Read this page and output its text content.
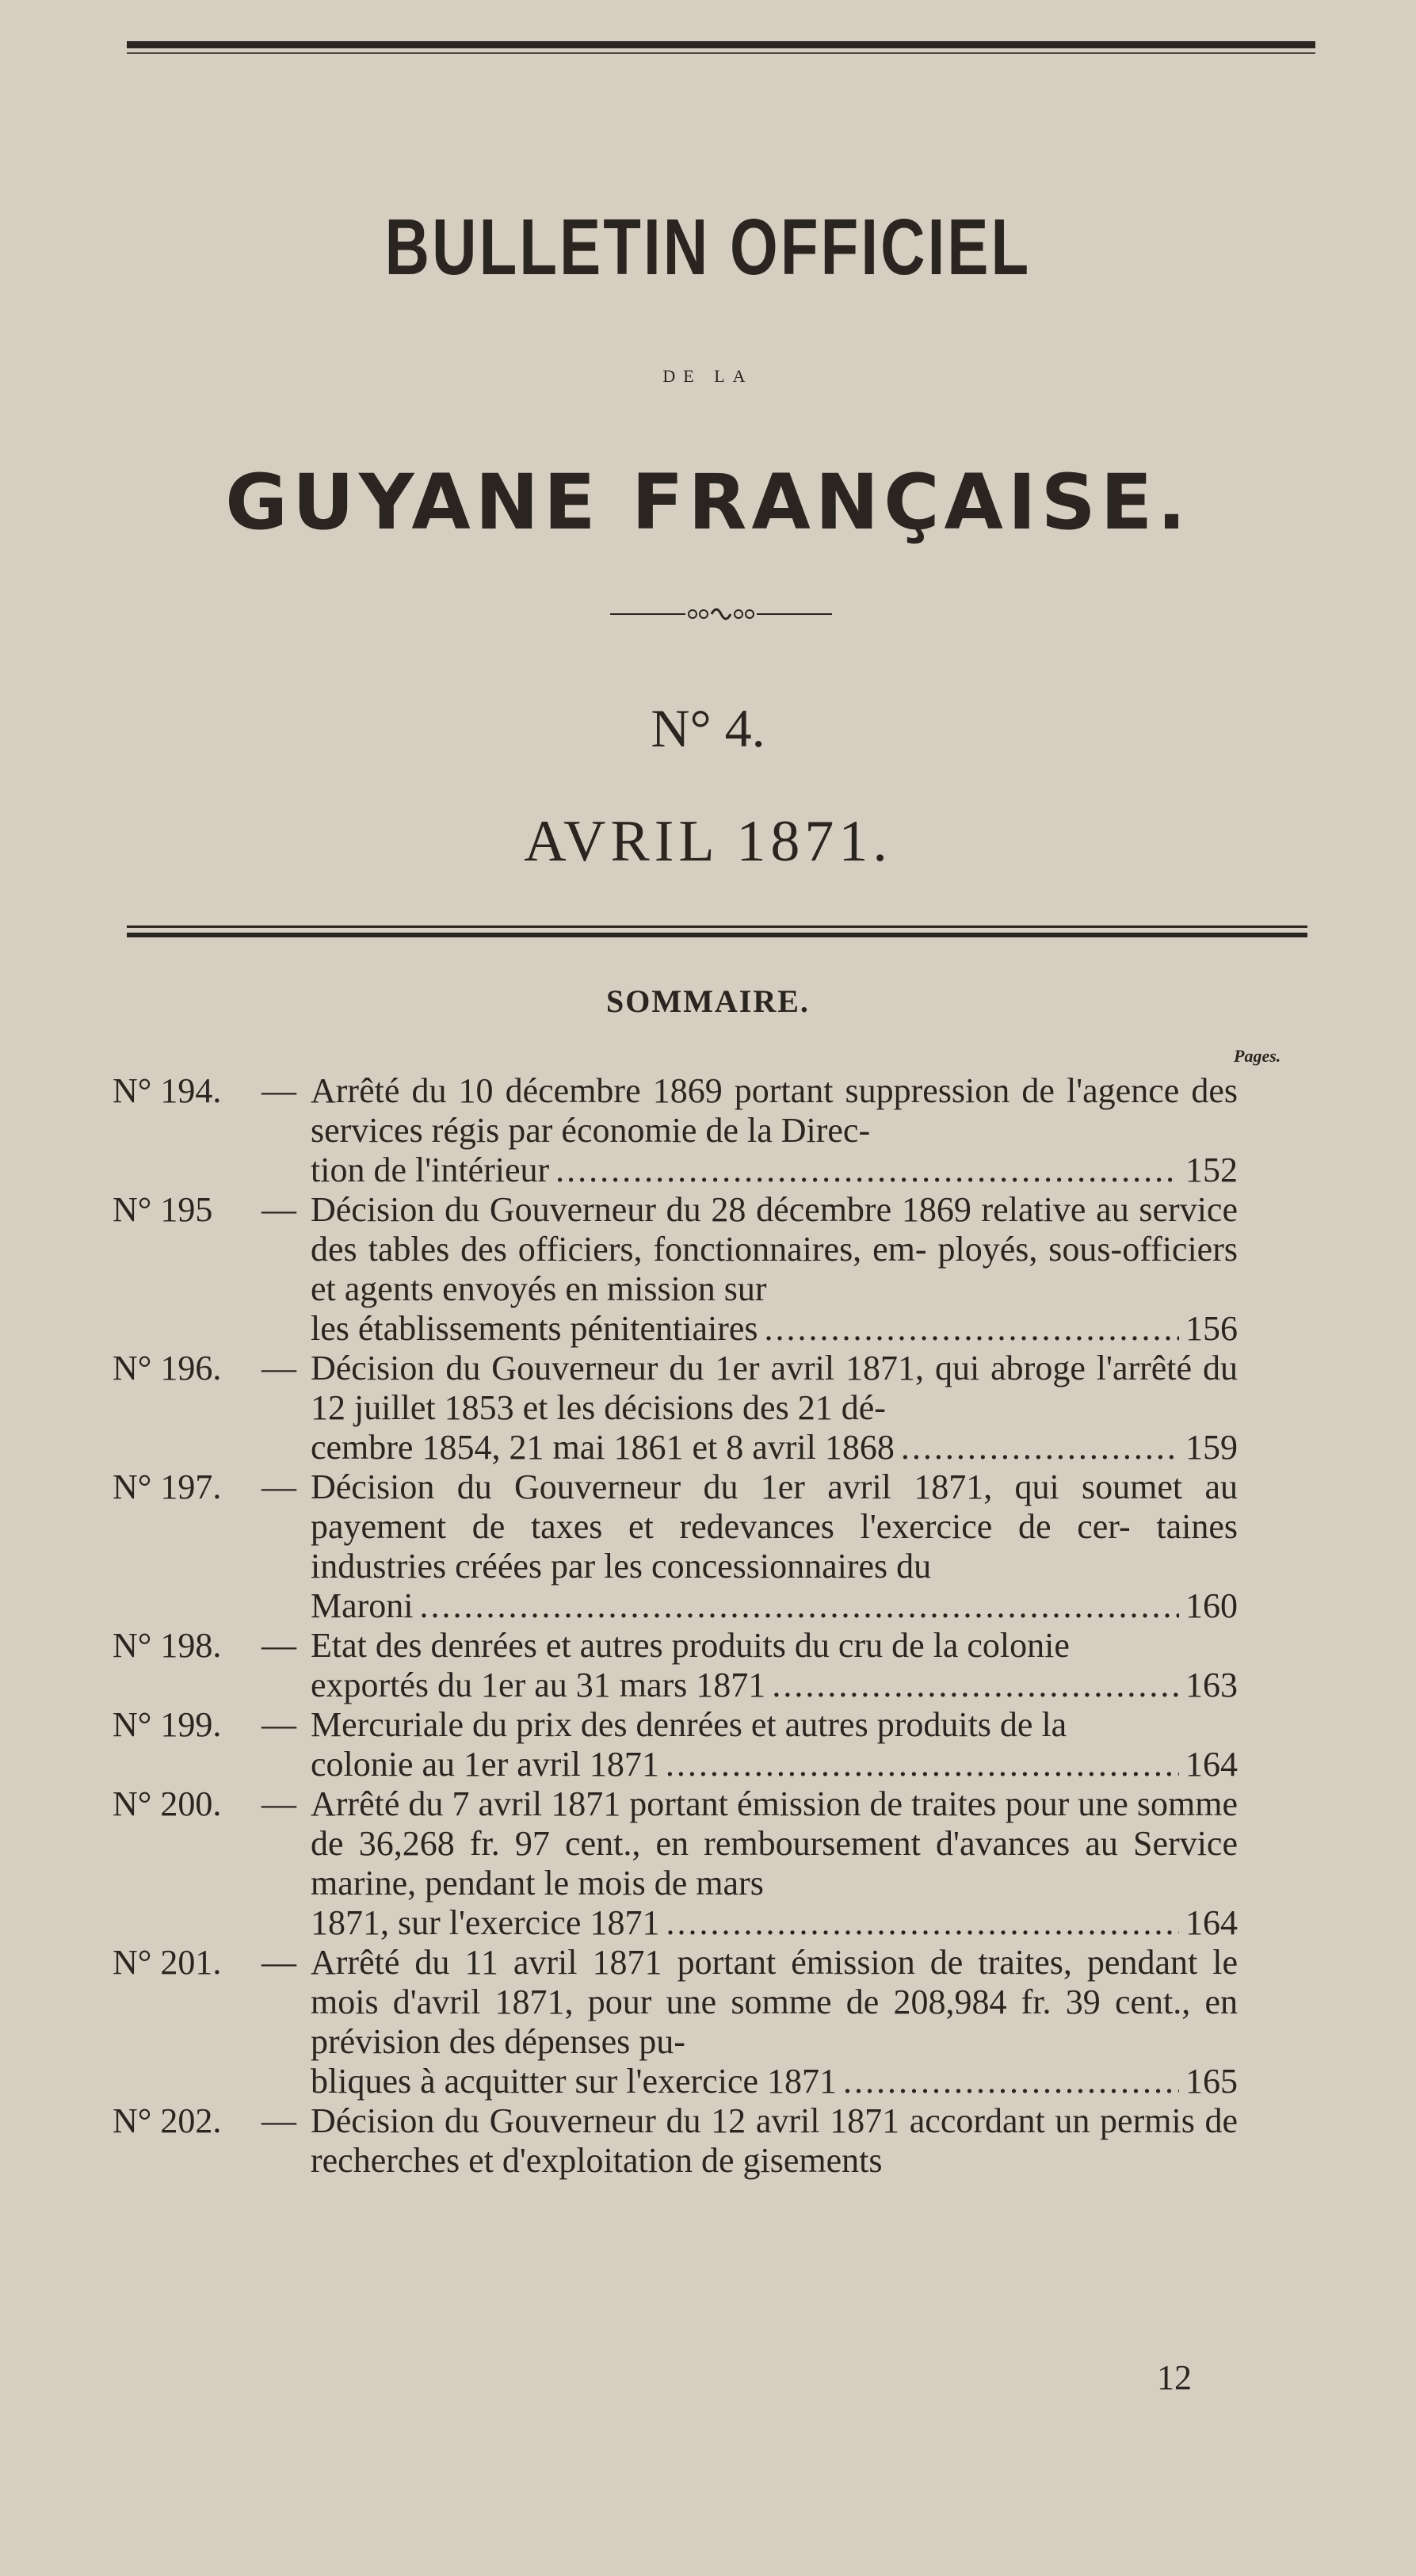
BULLETIN OFFICIEL
DE LA
GUYANE FRANÇAISE.
N° 4.
AVRIL 1871.
SOMMAIRE.
Pages.
N° 194. — Arrêté du 10 décembre 1869 portant suppression de l'agence des services régis par économie de la Direc-

tion de l'intérieur .....	152
N° 195 — Décision du Gouverneur du 28 décembre 1869 relative au service des tables des officiers, fonctionnaires, em- ployés, sous-officiers et agents envoyés en mission sur

les établissements pénitentiaires .....	156
N° 196. — Décision du Gouverneur du 1er avril 1871, qui abroge l'arrêté du 12 juillet 1853 et les décisions des 21 dé-

cembre 1854, 21 mai 1861 et 8 avril 1868 .....	159
N° 197. — Décision du Gouverneur du 1er avril 1871, qui soumet au payement de taxes et redevances l'exercice de cer- taines industries créées par les concessionnaires du

Maroni .....	160
N° 198. — Etat des denrées et autres produits du cru de la colonie

exportés du 1er au 31 mars 1871 .....	163
N° 199. — Mercuriale du prix des denrées et autres produits de la

colonie au 1er avril 1871 .....	164
N° 200. — Arrêté du 7 avril 1871 portant émission de traites pour une somme de 36,268 fr. 97 cent., en remboursement d'avances au Service marine, pendant le mois de mars

1871, sur l'exercice 1871 .....	164
N° 201. — Arrêté du 11 avril 1871 portant émission de traites, pendant le mois d'avril 1871, pour une somme de 208,984 fr. 39 cent., en prévision des dépenses pu-

bliques à acquitter sur l'exercice 1871 .....	165
N° 202. — Décision du Gouverneur du 12 avril 1871 accordant un permis de recherches et d'exploitation de gisements

12
